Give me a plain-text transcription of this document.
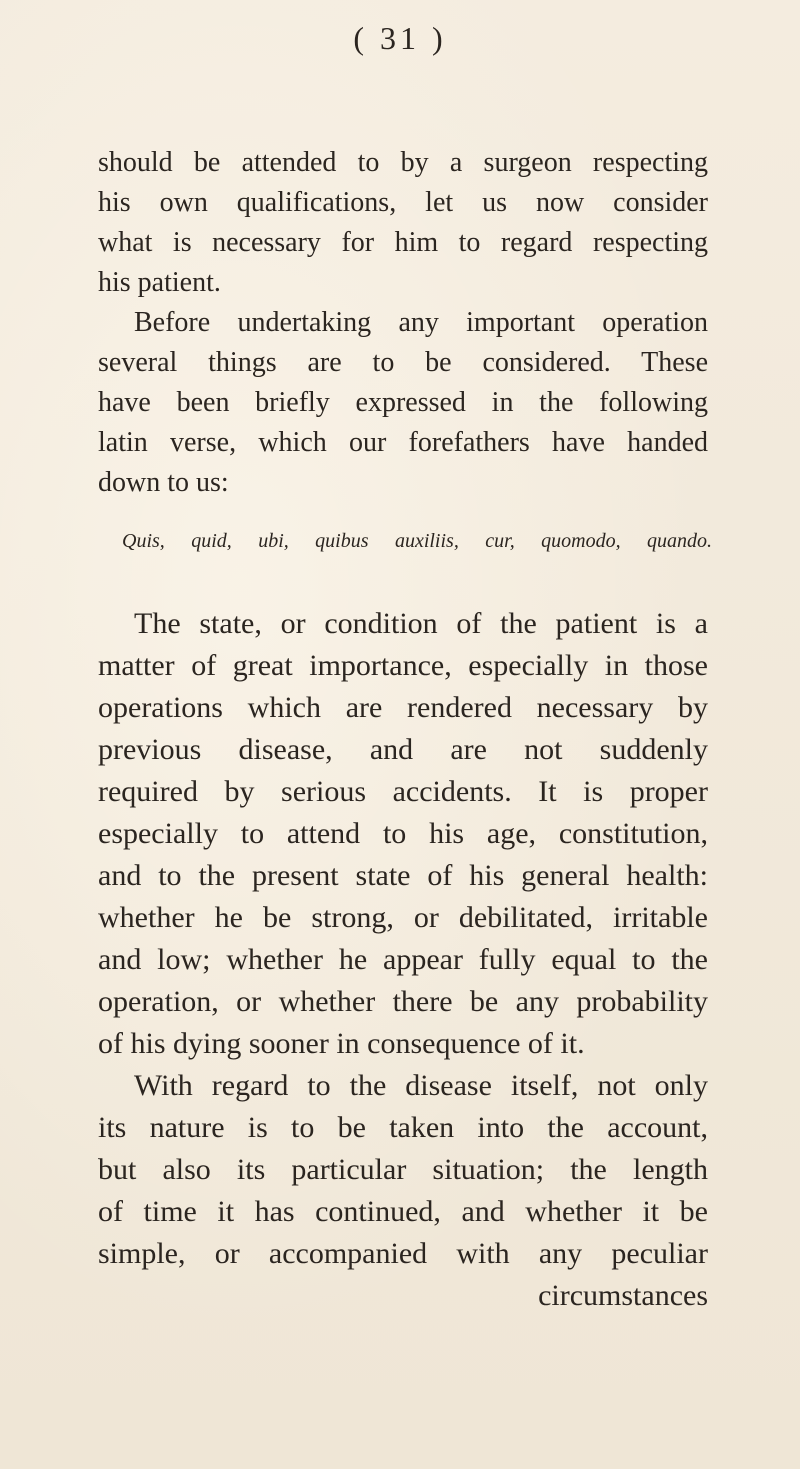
( 31 )
should be attended to by a surgeon respecting
his own qualifications, let us now consider
what is necessary for him to regard respecting
his patient.
Before undertaking any important operation
several things are to be considered. These
have been briefly expressed in the following
latin verse, which our forefathers have handed
down to us:
Quis, quid, ubi, quibus auxiliis, cur, quomodo, quando.
The state, or condition of the patient is a
matter of great importance, especially in those
operations which are rendered necessary by
previous disease, and are not suddenly
required by serious accidents. It is proper
especially to attend to his age, constitution,
and to the present state of his general health:
whether he be strong, or debilitated, irritable
and low; whether he appear fully equal to the
operation, or whether there be any probability
of his dying sooner in consequence of it.
With regard to the disease itself, not only
its nature is to be taken into the account,
but also its particular situation; the length
of time it has continued, and whether it be
simple, or accompanied with any peculiar
circumstances
